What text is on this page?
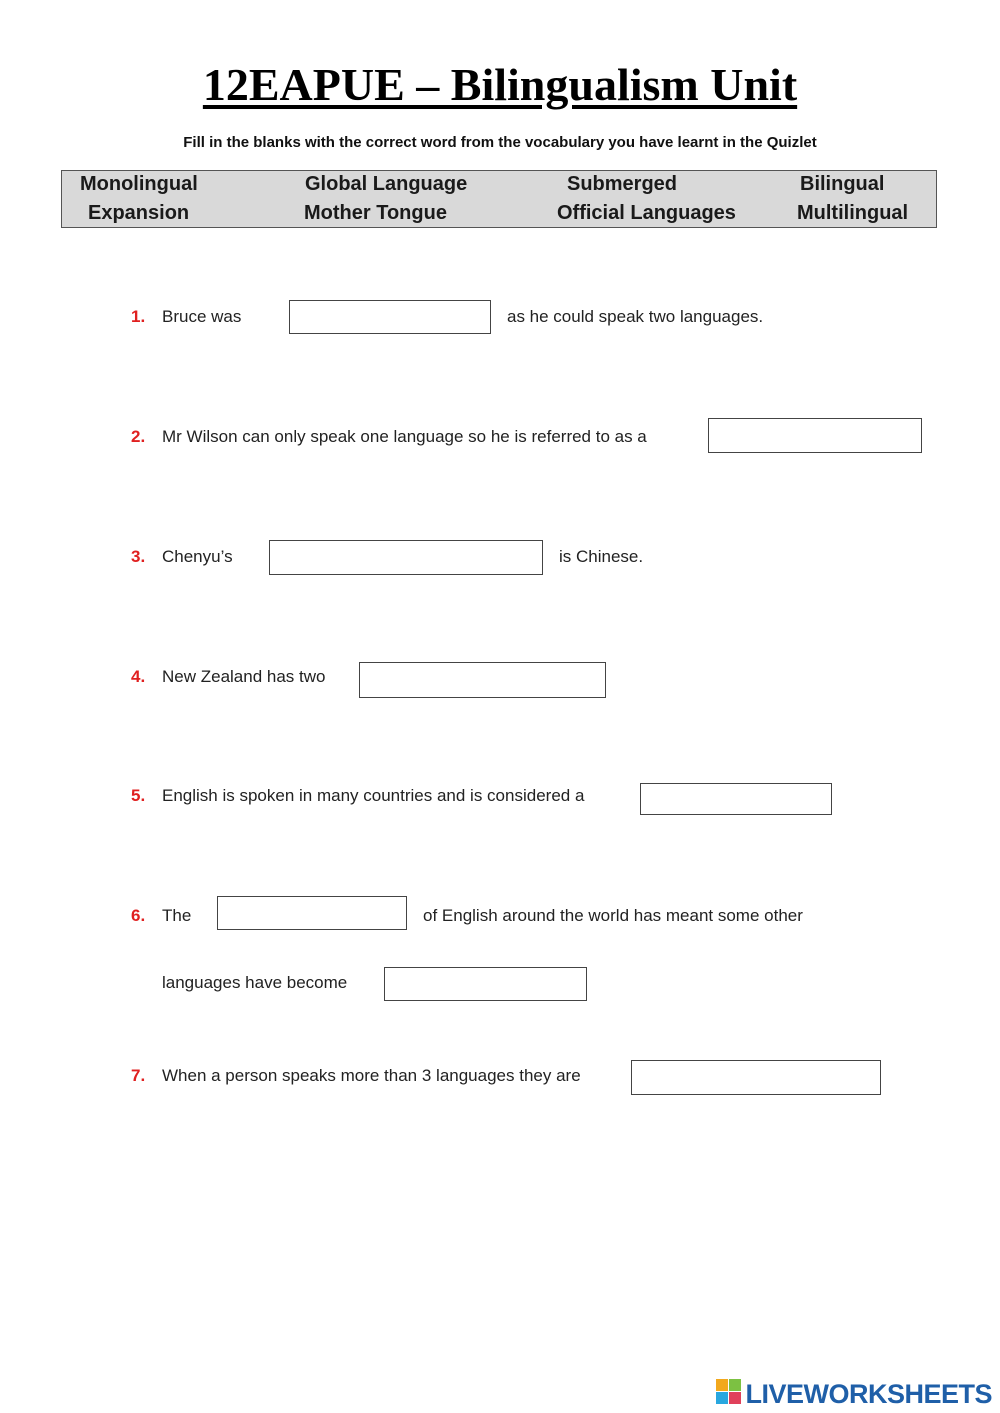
12EAPUE – Bilingualism Unit
Fill in the blanks with the correct word from the vocabulary you have learnt in the Quizlet
Monolingual	Global Language	Submerged	Bilingual
Expansion	Mother Tongue	Official Languages	Multilingual
1. Bruce was	as he could speak two languages.
2. Mr Wilson can only speak one language so he is referred to as a
3. Chenyu’s	is Chinese.
4. New Zealand has two
5. English is spoken in many countries and is considered a
6. The	of English around the world has meant some other
languages have become
7. When a person speaks more than 3 languages they are
LIVEWORKSHEETS
